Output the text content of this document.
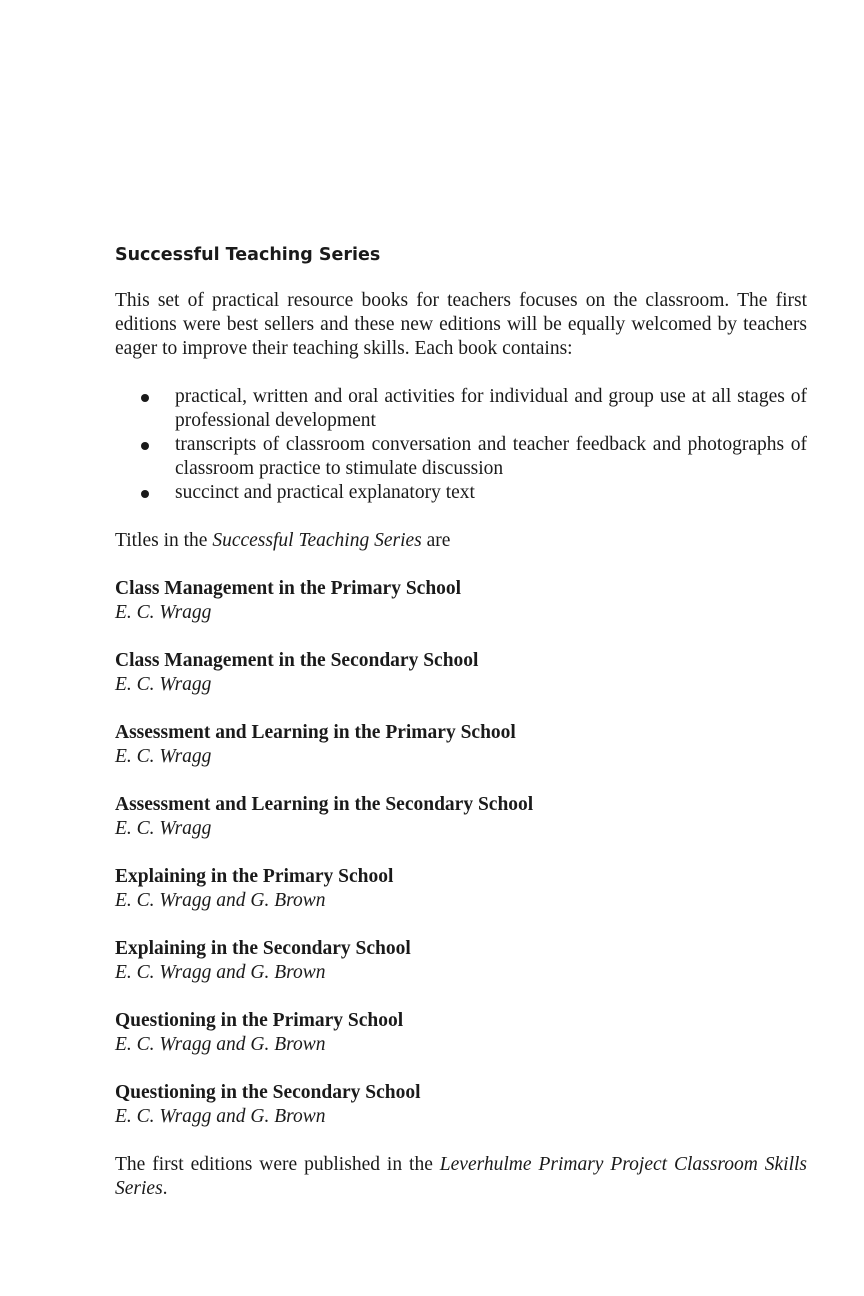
Successful Teaching Series

This set of practical resource books for teachers focuses on the classroom. The first editions were best sellers and these new editions will be equally welcomed by teachers eager to improve their teaching skills. Each book contains:

practical, written and oral activities for individual and group use at all stages of professional development
transcripts of classroom conversation and teacher feedback and photographs of classroom practice to stimulate discussion
succinct and practical explanatory text

Titles in the Successful Teaching Series are

Class Management in the Primary School
E. C. Wragg
Class Management in the Secondary School
E. C. Wragg
Assessment and Learning in the Primary School
E. C. Wragg
Assessment and Learning in the Secondary School
E. C. Wragg
Explaining in the Primary School
E. C. Wragg and G. Brown
Explaining in the Secondary School
E. C. Wragg and G. Brown
Questioning in the Primary School
E. C. Wragg and G. Brown
Questioning in the Secondary School
E. C. Wragg and G. Brown

The first editions were published in the Leverhulme Primary Project Classroom Skills Series.
